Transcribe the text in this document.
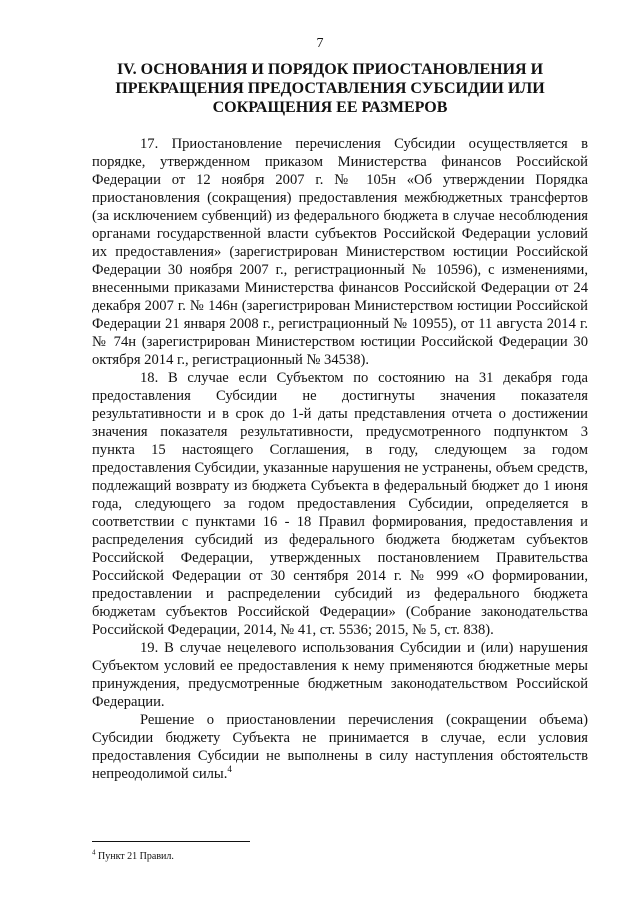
7
IV. ОСНОВАНИЯ И ПОРЯДОК ПРИОСТАНОВЛЕНИЯ И
ПРЕКРАЩЕНИЯ ПРЕДОСТАВЛЕНИЯ СУБСИДИИ ИЛИ
СОКРАЩЕНИЯ ЕЕ РАЗМЕРОВ

17. Приостановление перечисления Субсидии осуществляется в порядке, утвержденном приказом Министерства финансов Российской Федерации от 12 ноября 2007 г. № 105н «Об утверждении Порядка приостановления (сокращения) предоставления межбюджетных трансфертов (за исключением субвенций) из федерального бюджета в случае несоблюдения органами государственной власти субъектов Российской Федерации условий их предоставления» (зарегистрирован Министерством юстиции Российской Федерации 30 ноября 2007 г., регистрационный № 10596), с изменениями, внесенными приказами Министерства финансов Российской Федерации от 24 декабря 2007 г. № 146н (зарегистрирован Министерством юстиции Российской Федерации 21 января 2008 г., регистрационный № 10955), от 11 августа 2014 г. № 74н (зарегистрирован Министерством юстиции Российской Федерации 30 октября 2014 г., регистрационный № 34538).

18. В случае если Субъектом по состоянию на 31 декабря года предоставления Субсидии не достигнуты значения показателя результативности и в срок до 1-й даты представления отчета о достижении значения показателя результативности, предусмотренного подпунктом 3 пункта 15 настоящего Соглашения, в году, следующем за годом предоставления Субсидии, указанные нарушения не устранены, объем средств, подлежащий возврату из бюджета Субъекта в федеральный бюджет до 1 июня года, следующего за годом предоставления Субсидии, определяется в соответствии с пунктами 16 - 18 Правил формирования, предоставления и распределения субсидий из федерального бюджета бюджетам субъектов Российской Федерации, утвержденных постановлением Правительства Российской Федерации от 30 сентября 2014 г. № 999 «О формировании, предоставлении и распределении субсидий из федерального бюджета бюджетам субъектов Российской Федерации» (Собрание законодательства Российской Федерации, 2014, № 41, ст. 5536; 2015, № 5, ст. 838).

19. В случае нецелевого использования Субсидии и (или) нарушения Субъектом условий ее предоставления к нему применяются бюджетные меры принуждения, предусмотренные бюджетным законодательством Российской Федерации.

Решение о приостановлении перечисления (сокращении объема) Субсидии бюджету Субъекта не принимается в случае, если условия предоставления Субсидии не выполнены в силу наступления обстоятельств непреодолимой силы.$^4$

$^4$ Пункт 21 Правил.
